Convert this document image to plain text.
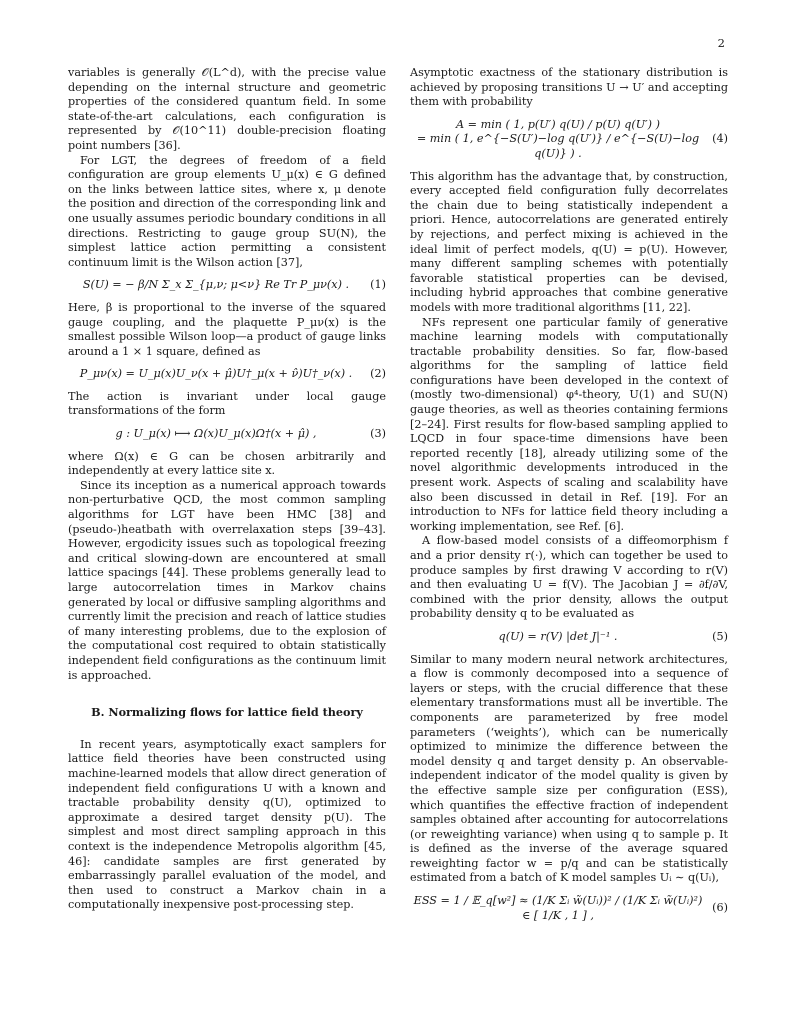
2

variables is generally 𝒪(L^d), with the precise value depending on the internal structure and geometric properties of the considered quantum field. In some state-of-the-art calculations, each configuration is represented by 𝒪(10^11) double-precision floating point numbers [36].

For LGT, the degrees of freedom of a field configuration are group elements U_μ(x) ∈ G defined on the links between lattice sites, where x, μ denote the position and direction of the corresponding link and one usually assumes periodic boundary conditions in all directions. Restricting to gauge group SU(N), the simplest lattice action permitting a consistent continuum limit is the Wilson action [37],

S(U) = − β/N Σ_x Σ_{μ,ν; μ<ν} Re Tr P_μν(x) .	(1)

Here, β is proportional to the inverse of the squared gauge coupling, and the plaquette P_μν(x) is the smallest possible Wilson loop—a product of gauge links around a 1 × 1 square, defined as

P_μν(x) = U_μ(x)U_ν(x + μ̂)U†_μ(x + ν̂)U†_ν(x) .	(2)

The action is invariant under local gauge transformations of the form

g : U_μ(x) ⟼ Ω(x)U_μ(x)Ω†(x + μ̂) ,	(3)

where Ω(x) ∈ G can be chosen arbitrarily and independently at every lattice site x.

Since its inception as a numerical approach towards non-perturbative QCD, the most common sampling algorithms for LGT have been HMC [38] and (pseudo-)heatbath with overrelaxation steps [39–43]. However, ergodicity issues such as topological freezing and critical slowing-down are encountered at small lattice spacings [44]. These problems generally lead to large autocorrelation times in Markov chains generated by local or diffusive sampling algorithms and currently limit the precision and reach of lattice studies of many interesting problems, due to the explosion of the computational cost required to obtain statistically independent field configurations as the continuum limit is approached.

B. Normalizing flows for lattice field theory

In recent years, asymptotically exact samplers for lattice field theories have been constructed using machine-learned models that allow direct generation of independent field configurations U with a known and tractable probability density q(U), optimized to approximate a desired target density p(U). The simplest and most direct sampling approach in this context is the independence Metropolis algorithm [45, 46]: candidate samples are first generated by embarrassingly parallel evaluation of the model, and then used to construct a Markov chain in a computationally inexpensive post-processing step.

Asymptotic exactness of the stationary distribution is achieved by proposing transitions U → U′ and accepting them with probability

A = min ( 1, p(U′) q(U) / p(U) q(U′) )
= min ( 1, e^{−S(U′)−log q(U′)} / e^{−S(U)−log q(U)} ) .
(4)

This algorithm has the advantage that, by construction, every accepted field configuration fully decorrelates the chain due to being statistically independent a priori. Hence, autocorrelations are generated entirely by rejections, and perfect mixing is achieved in the ideal limit of perfect models, q(U) = p(U). However, many different sampling schemes with potentially favorable statistical properties can be devised, including hybrid approaches that combine generative models with more traditional algorithms [11, 22].

NFs represent one particular family of generative machine learning models with computationally tractable probability densities. So far, flow-based algorithms for the sampling of lattice field configurations have been developed in the context of (mostly two-dimensional) φ⁴-theory, U(1) and SU(N) gauge theories, as well as theories containing fermions [2–24]. First results for flow-based sampling applied to LQCD in four space-time dimensions have been reported recently [18], already utilizing some of the novel algorithmic developments introduced in the present work. Aspects of scaling and scalability have also been discussed in detail in Ref. [19]. For an introduction to NFs for lattice field theory including a working implementation, see Ref. [6].

A flow-based model consists of a diffeomorphism f and a prior density r(·), which can together be used to produce samples by first drawing V according to r(V) and then evaluating U = f(V). The Jacobian J = ∂f/∂V, combined with the prior density, allows the output probability density q to be evaluated as

q(U) = r(V) |det J|⁻¹ .	(5)

Similar to many modern neural network architectures, a flow is commonly decomposed into a sequence of layers or steps, with the crucial difference that these elementary transformations must all be invertible. The components are parameterized by free model parameters (‘weights’), which can be numerically optimized to minimize the difference between the model density q and target density p. An observable-independent indicator of the model quality is given by the effective sample size per configuration (ESS), which quantifies the effective fraction of independent samples obtained after accounting for autocorrelations (or reweighting variance) when using q to sample p. It is defined as the inverse of the average squared reweighting factor w = p/q and can be statistically estimated from a batch of K model samples Uᵢ ∼ q(Uᵢ),

ESS = 1 / 𝔼_q[w²] ≈ (1/K Σᵢ w̃(Uᵢ))² / (1/K Σᵢ w̃(Uᵢ)²) ∈ [ 1/K , 1 ] ,
(6)
